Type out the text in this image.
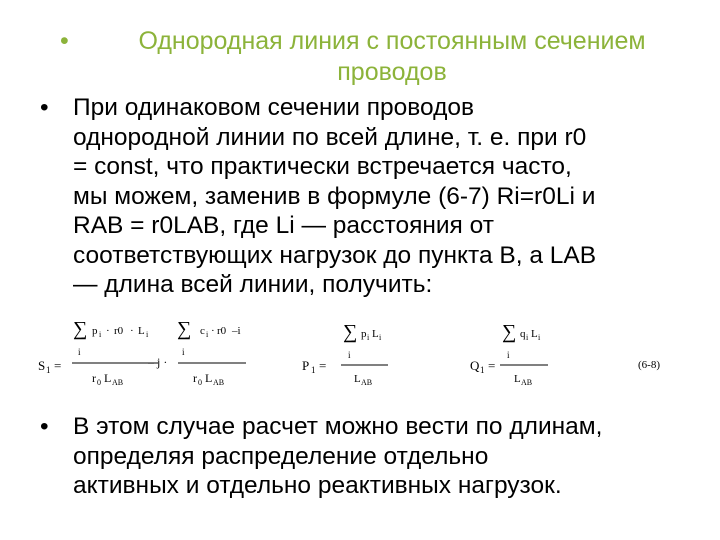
•	Однородная линия с постоянным сечением
проводов
• При одинаковом сечении проводов
однородной линии по всей длине, т. е. при r0
= const, что практически встречается часто,
мы можем, заменив в формуле (6-7) Ri=r0Li и
RAB = r0LAB, где Li — расстояния от
соответствующих нагрузок до пункта В, а LAB
— длина всей линии, получить:
S 1 =
∑
i
p i · r0 · L i
r 0 L AB
– j ·
∑
i
c i · r0 –i
r 0 L AB
P 1 =
∑
i
p i L i
L AB
Q 1 =
∑
i
q i L i
L AB
(6-8)
• В этом случае расчет можно вести по длинам,
определяя распределение отдельно
активных и отдельно реактивных нагрузок.
